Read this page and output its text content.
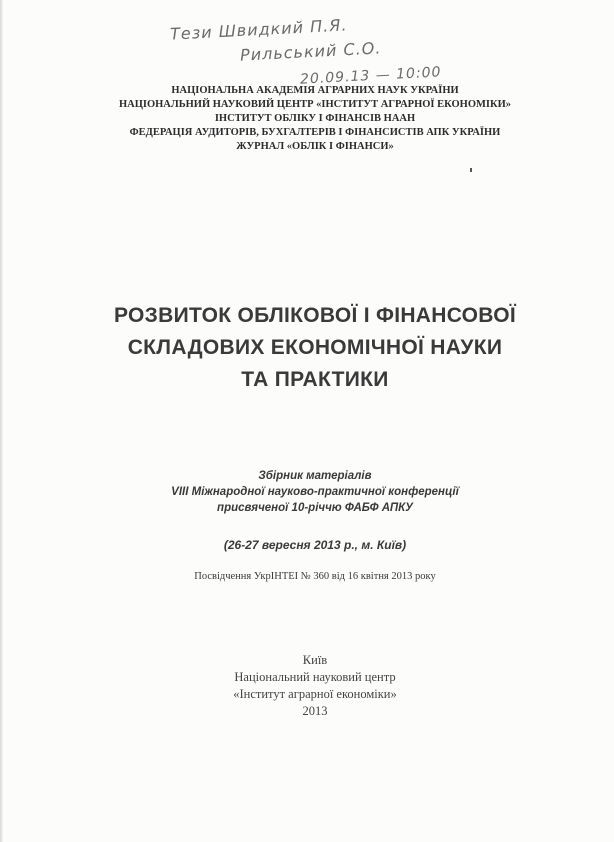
Тези Швидкий П.Я.
Рильський С.О.
20.09.13 — 10:00
НАЦІОНАЛЬНА АКАДЕМІЯ АГРАРНИХ НАУК УКРАЇНИ
НАЦІОНАЛЬНИЙ НАУКОВИЙ ЦЕНТР «ІНСТИТУТ АГРАРНОЇ ЕКОНОМІКИ»
ІНСТИТУТ ОБЛІКУ І ФІНАНСІВ НААН
ФЕДЕРАЦІЯ АУДИТОРІВ, БУХГАЛТЕРІВ І ФІНАНСИСТІВ АПК УКРАЇНИ
ЖУРНАЛ «ОБЛІК І ФІНАНСИ»
РОЗВИТОК ОБЛІКОВОЇ І ФІНАНСОВОЇ
СКЛАДОВИХ ЕКОНОМІЧНОЇ НАУКИ
ТА ПРАКТИКИ
Збірник матеріалів
VIII Міжнародної науково-практичної конференції
присвяченої 10-річчю ФАБФ АПКУ
(26-27 вересня 2013 р., м. Київ)
Посвідчення УкрІНТЕІ № 360 від 16 квітня 2013 року
Київ
Національний науковий центр
«Інститут аграрної економіки»
2013
